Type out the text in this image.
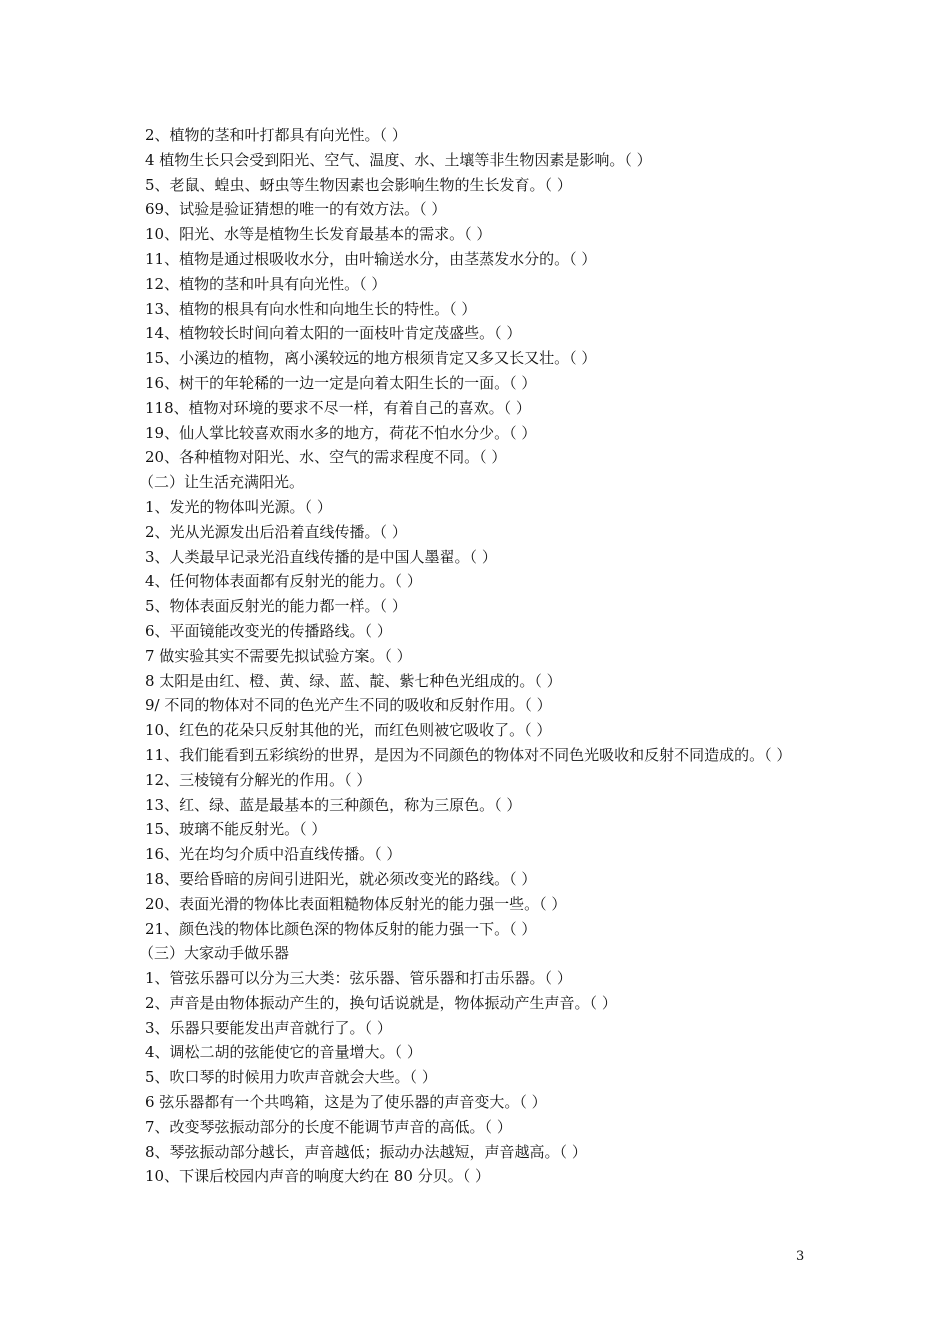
2、植物的茎和叶打都具有向光性。（ ）
4 植物生长只会受到阳光、空气、温度、水、土壤等非生物因素是影响。（ ）
5、老鼠、蝗虫、蚜虫等生物因素也会影响生物的生长发育。（ ）
69、试验是验证猜想的唯一的有效方法。（ ）
10、阳光、水等是植物生长发育最基本的需求。（ ）
11、植物是通过根吸收水分，由叶输送水分，由茎蒸发水分的。（ ）
12、植物的茎和叶具有向光性。（ ）
13、植物的根具有向水性和向地生长的特性。（ ）
14、植物较长时间向着太阳的一面枝叶肯定茂盛些。（ ）
15、小溪边的植物，离小溪较远的地方根须肯定又多又长又壮。（ ）
16、树干的年轮稀的一边一定是向着太阳生长的一面。（ ）
118、植物对环境的要求不尽一样，有着自己的喜欢。（ ）
19、仙人掌比较喜欢雨水多的地方，荷花不怕水分少。（ ）
20、各种植物对阳光、水、空气的需求程度不同。（ ）
（二）让生活充满阳光。
1、发光的物体叫光源。（ ）
2、光从光源发出后沿着直线传播。（ ）
3、人类最早记录光沿直线传播的是中国人墨翟。（ ）
4、任何物体表面都有反射光的能力。（ ）
5、物体表面反射光的能力都一样。（ ）
6、平面镜能改变光的传播路线。（ ）
7 做实验其实不需要先拟试验方案。（ ）
8 太阳是由红、橙、黄、绿、蓝、靛、紫七种色光组成的。（ ）
9/ 不同的物体对不同的色光产生不同的吸收和反射作用。（ ）
10、红色的花朵只反射其他的光，而红色则被它吸收了。（ ）
11、我们能看到五彩缤纷的世界，是因为不同颜色的物体对不同色光吸收和反射不同造成的。（ ）
12、三棱镜有分解光的作用。（ ）
13、红、绿、蓝是最基本的三种颜色，称为三原色。（ ）
15、玻璃不能反射光。（ ）
16、光在均匀介质中沿直线传播。（ ）
18、要给昏暗的房间引进阳光，就必须改变光的路线。（ ）
20、表面光滑的物体比表面粗糙物体反射光的能力强一些。（ ）
21、颜色浅的物体比颜色深的物体反射的能力强一下。（ ）
（三）大家动手做乐器
1、管弦乐器可以分为三大类：弦乐器、管乐器和打击乐器。（ ）
2、声音是由物体振动产生的，换句话说就是，物体振动产生声音。（ ）
3、乐器只要能发出声音就行了。（ ）
4、调松二胡的弦能使它的音量增大。（ ）
5、吹口琴的时候用力吹声音就会大些。（ ）
6 弦乐器都有一个共鸣箱，这是为了使乐器的声音变大。（ ）
7、改变琴弦振动部分的长度不能调节声音的高低。（ ）
8、琴弦振动部分越长，声音越低；振动办法越短，声音越高。（ ）
10、下课后校园内声音的响度大约在 80 分贝。（ ）
3
